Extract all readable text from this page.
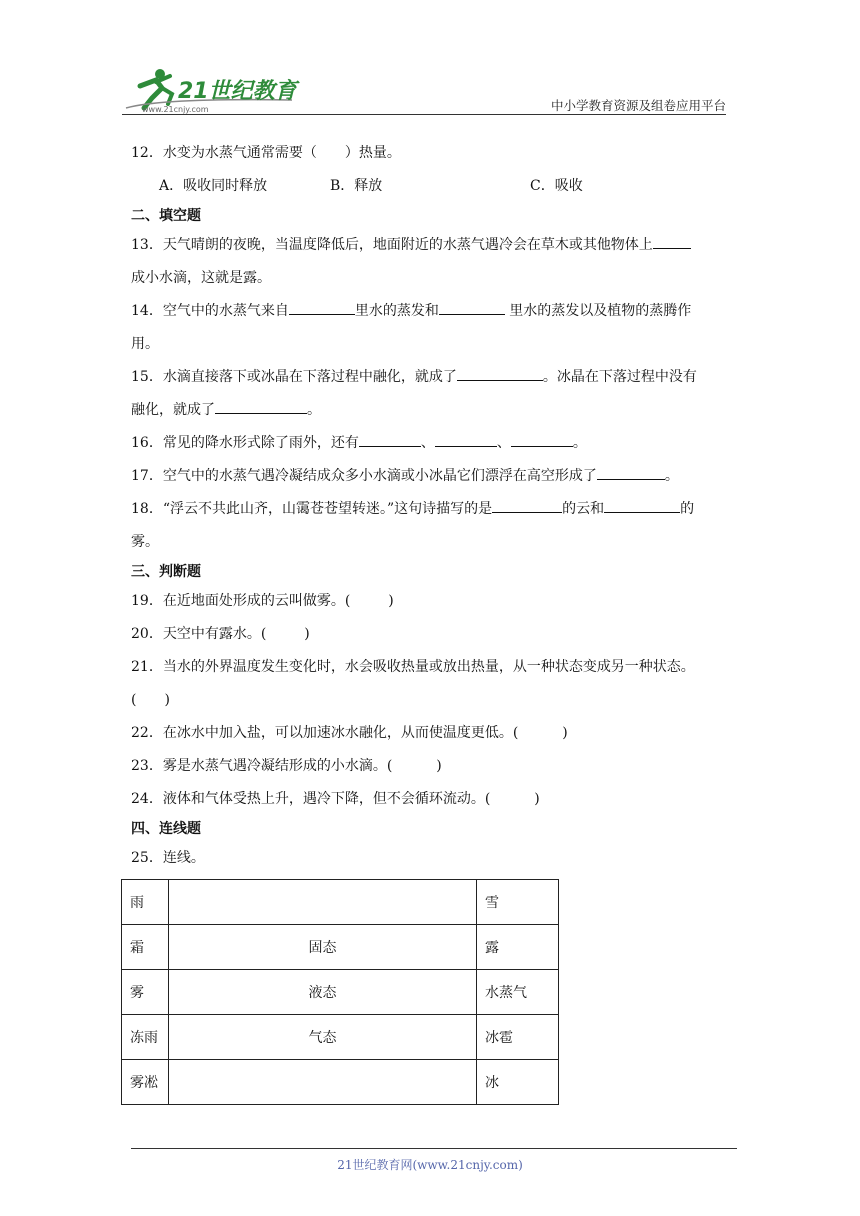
21世纪教育
www.21cnjy.com	中小学教育资源及组卷应用平台
12．水变为水蒸气通常需要（　　）热量。
A．吸收同时释放	B．释放	C．吸收
二、填空题
13．天气晴朗的夜晚，当温度降低后，地面附近的水蒸气遇冷会在草木或其他物体上
成小水滴，这就是露。
14．空气中的水蒸气来自	里水的蒸发和	里水的蒸发以及植物的蒸腾作
用。
15．水滴直接落下或冰晶在下落过程中融化，就成了	。冰晶在下落过程中没有
融化，就成了	。
16．常见的降水形式除了雨外，还有	、	、	。
17．空气中的水蒸气遇冷凝结成众多小水滴或小冰晶它们漂浮在高空形成了	。
18．“浮云不共此山齐，山霭苍苍望转迷。”这句诗描写的是	的云和	的
雾。
三、判断题
19．在近地面处形成的云叫做雾。(	)
20．天空中有露水。(	)
21．当水的外界温度发生变化时，水会吸收热量或放出热量，从一种状态变成另一种状态。
( )
22．在冰水中加入盐，可以加速冰水融化，从而使温度更低。(	)
23．雾是水蒸气遇冷凝结形成的小水滴。(	)
24．液体和气体受热上升，遇冷下降，但不会循环流动。(	)
四、连线题
25．连线。
雨		雪
霜	固态	露
雾	液态	水蒸气
冻雨	气态	冰雹
雾凇		冰
21世纪教育网(www.21cnjy.com)
